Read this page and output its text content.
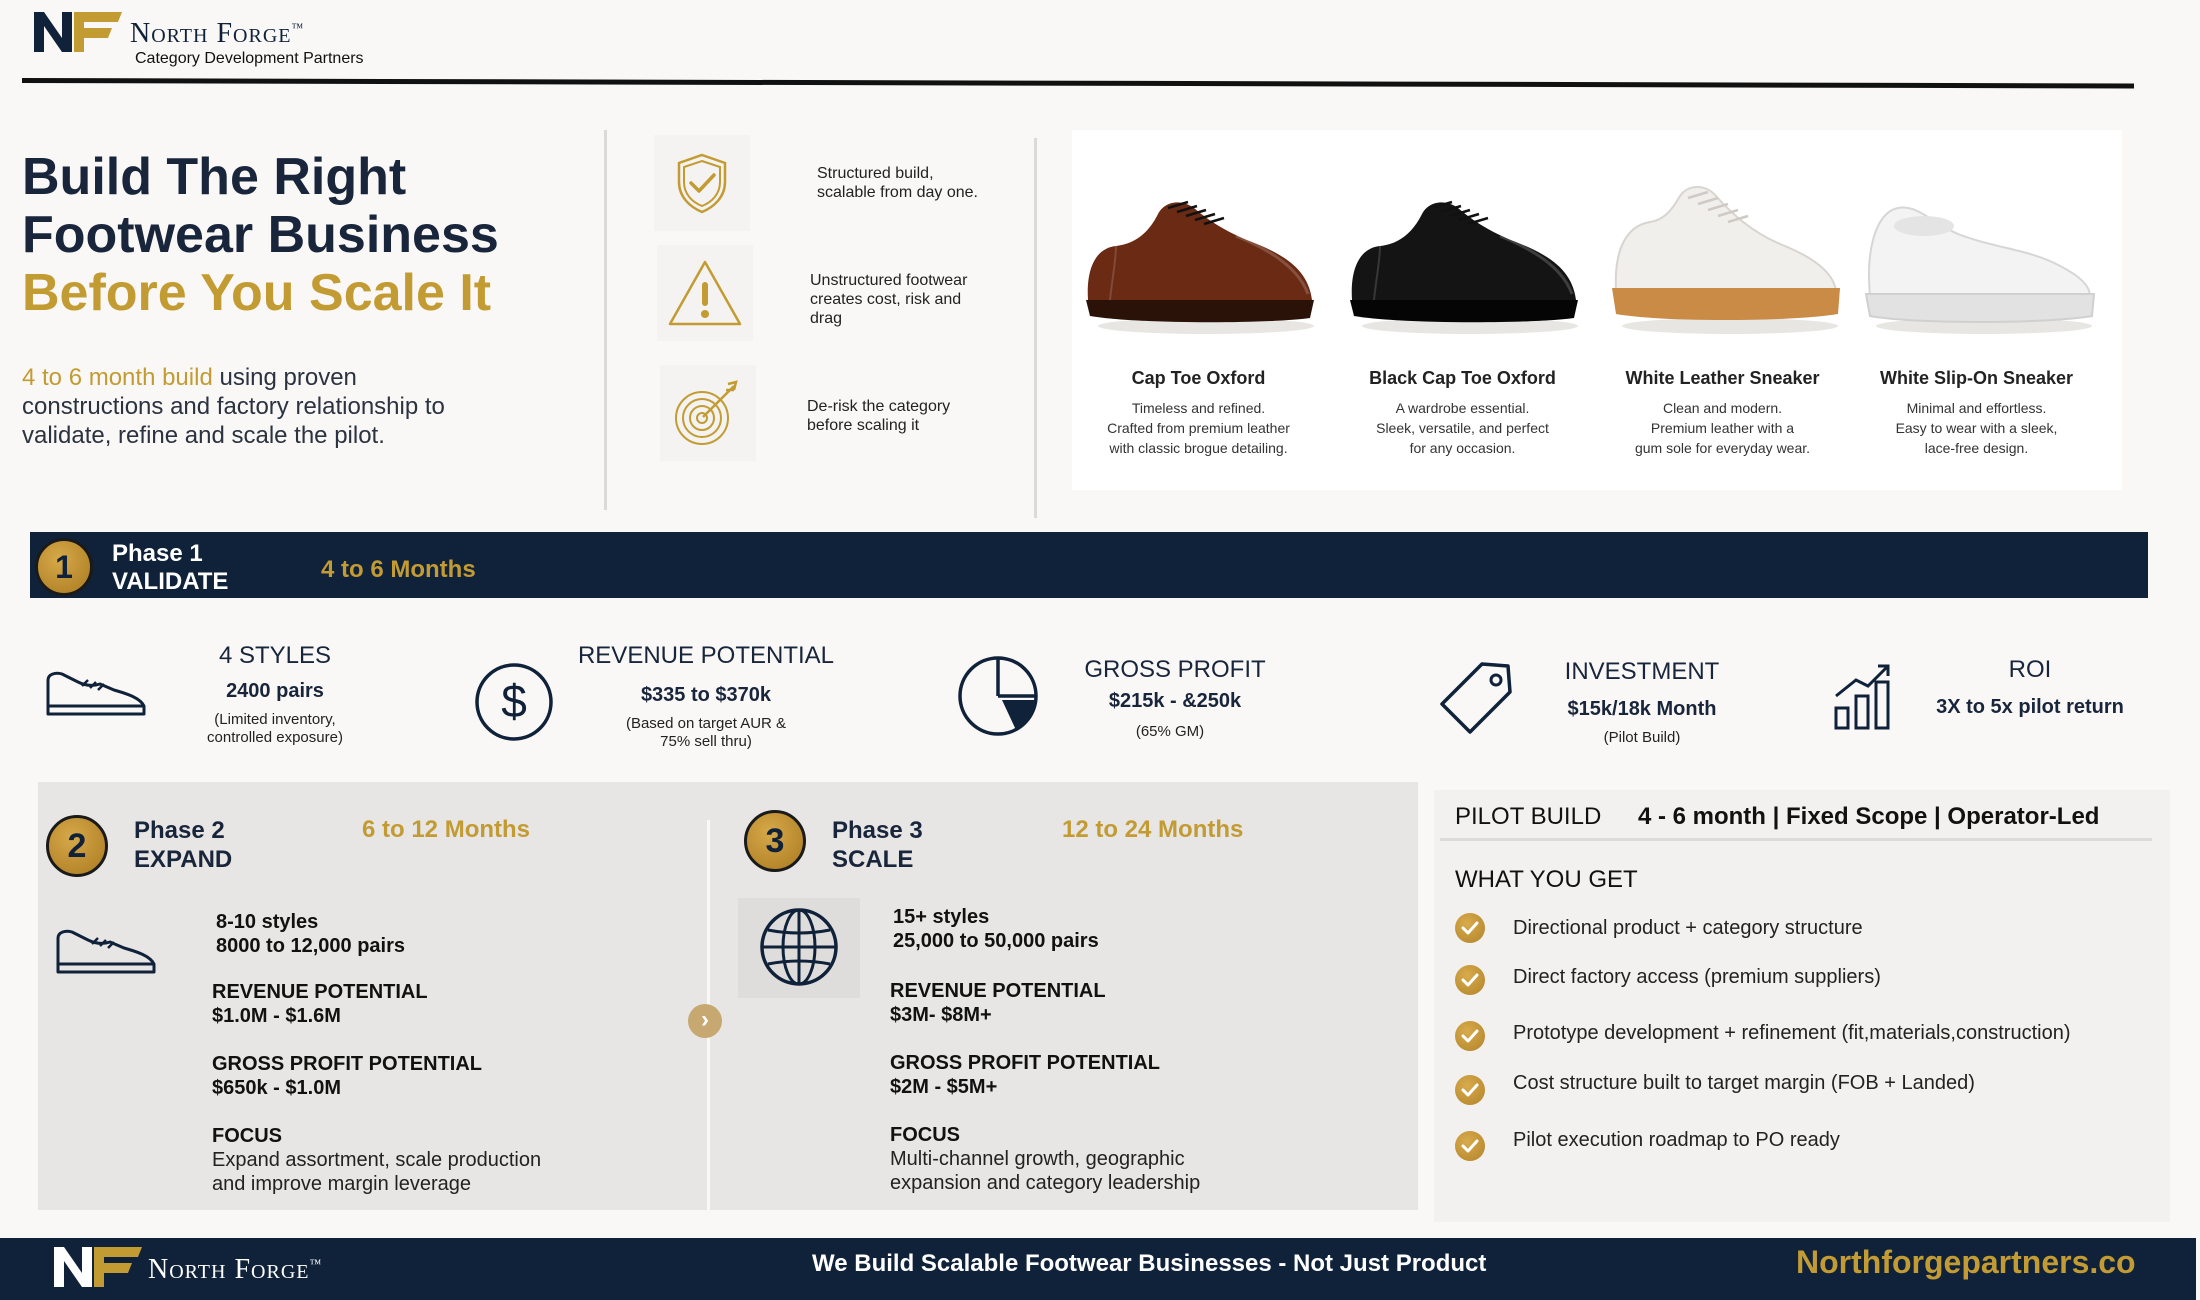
North Forge™
Category Development Partners
Build The Right
Footwear Business
Before You Scale It
4 to 6 month build using proven
constructions and factory relationship to
validate, refine and scale the pilot.
Structured build,
scalable from day one.
Unstructured footwear
creates cost, risk and
drag
De-risk the category
before scaling it
Cap Toe Oxford
Timeless and refined.
Crafted from premium leather
with classic brogue detailing.
Black Cap Toe Oxford
A wardrobe essential.
Sleek, versatile, and perfect
for any occasion.
White Leather Sneaker
Clean and modern.
Premium leather with a
gum sole for everyday wear.
White Slip-On Sneaker
Minimal and effortless.
Easy to wear with a sleek,
lace-free design.
1	Phase 1
VALIDATE	4 to 6 Months
4 STYLES
2400 pairs
(Limited inventory,
controlled exposure)
$
REVENUE POTENTIAL
$335 to $370k
(Based on target AUR &
75% sell thru)
GROSS PROFIT
$215k - &250k
(65% GM)
INVESTMENT
$15k/18k Month
(Pilot Build)
ROI
3X to 5x pilot return
›
2	Phase 2
EXPAND
6 to 12 Months
8-10 styles
8000 to 12,000 pairs
REVENUE POTENTIAL
$1.0M - $1.6M
GROSS PROFIT POTENTIAL
$650k - $1.0M
FOCUS
Expand assortment, scale production
and improve margin leverage
3	Phase 3
SCALE
12 to 24 Months
15+ styles
25,000 to 50,000 pairs
REVENUE POTENTIAL
$3M- $8M+
GROSS PROFIT POTENTIAL
$2M - $5M+
FOCUS
Multi-channel growth, geographic
expansion and category leadership
PILOT BUILD 4 - 6 month | Fixed Scope | Operator-Led
WHAT YOU GET
Directional product + category structure
Direct factory access (premium suppliers)
Prototype development + refinement (fit,materials,construction)
Cost structure built to target margin (FOB + Landed)
Pilot execution roadmap to PO ready
North Forge™	We Build Scalable Footwear Businesses - Not Just Product	Northforgepartners.co
